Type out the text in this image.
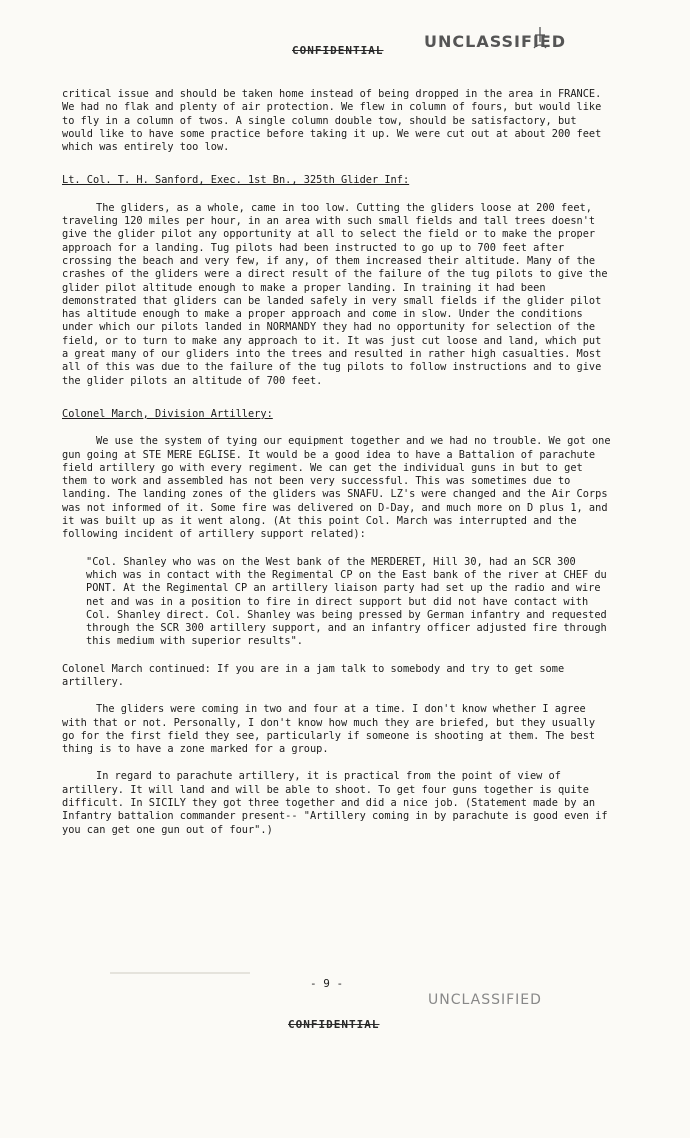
CONFIDENTIAL	UNCLASSIFIED

critical issue and should be taken home instead of being dropped in the area in FRANCE. We had no flak and plenty of air protection. We flew in column of fours, but would like to fly in a column of twos. A single column double tow, should be satisfactory, but would like to have some practice before taking it up. We were cut out at about 200 feet which was entirely too low.

Lt. Col. T. H. Sanford, Exec. 1st Bn., 325th Glider Inf:

The gliders, as a whole, came in too low. Cutting the gliders loose at 200 feet, traveling 120 miles per hour, in an area with such small fields and tall trees doesn't give the glider pilot any opportunity at all to select the field or to make the proper approach for a landing. Tug pilots had been instructed to go up to 700 feet after crossing the beach and very few, if any, of them increased their altitude. Many of the crashes of the gliders were a direct result of the failure of the tug pilots to give the glider pilot altitude enough to make a proper landing. In training it had been demonstrated that gliders can be landed safely in very small fields if the glider pilot has altitude enough to make a proper approach and come in slow. Under the conditions under which our pilots landed in NORMANDY they had no opportunity for selection of the field, or to turn to make any approach to it. It was just cut loose and land, which put a great many of our gliders into the trees and resulted in rather high casualties. Most all of this was due to the failure of the tug pilots to follow instructions and to give the glider pilots an altitude of 700 feet.

Colonel March, Division Artillery:

We use the system of tying our equipment together and we had no trouble. We got one gun going at STE MERE EGLISE. It would be a good idea to have a Battalion of parachute field artillery go with every regiment. We can get the individual guns in but to get them to work and assembled has not been very successful. This was sometimes due to landing. The landing zones of the gliders was SNAFU. LZ's were changed and the Air Corps was not informed of it. Some fire was delivered on D-Day, and much more on D plus 1, and it was built up as it went along. (At this point Col. March was interrupted and the following incident of artillery support related):

"Col. Shanley who was on the West bank of the MERDERET, Hill 30, had an SCR 300 which was in contact with the Regimental CP on the East bank of the river at CHEF du PONT. At the Regimental CP an artillery liaison party had set up the radio and wire net and was in a position to fire in direct support but did not have contact with Col. Shanley direct. Col. Shanley was being pressed by German infantry and requested through the SCR 300 artillery support, and an infantry officer adjusted fire through this medium with superior results".

Colonel March continued: If you are in a jam talk to somebody and try to get some artillery.

The gliders were coming in two and four at a time. I don't know whether I agree with that or not. Personally, I don't know how much they are briefed, but they usually go for the first field they see, particularly if someone is shooting at them. The best thing is to have a zone marked for a group.

In regard to parachute artillery, it is practical from the point of view of artillery. It will land and will be able to shoot. To get four guns together is quite difficult. In SICILY they got three together and did a nice job. (Statement made by an Infantry battalion commander present-- "Artillery coming in by parachute is good even if you can get one gun out of four".)

- 9 -
UNCLASSIFIED
CONFIDENTIAL
